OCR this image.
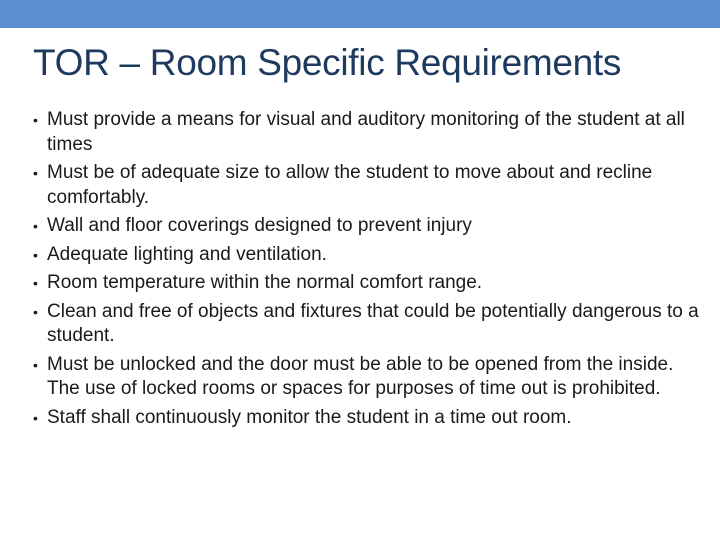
TOR – Room Specific Requirements
• Must provide a means for visual and auditory monitoring of the student at all times
• Must be of adequate size to allow the student to move about and recline comfortably.
• Wall and floor coverings designed to prevent injury
• Adequate lighting and ventilation.
• Room temperature within the normal comfort range.
• Clean and free of objects and fixtures that could be potentially dangerous to a student.
• Must be unlocked and the door must be able to be opened from the inside. The use of locked rooms or spaces for purposes of time out is prohibited.
• Staff shall continuously monitor the student in a time out room.
